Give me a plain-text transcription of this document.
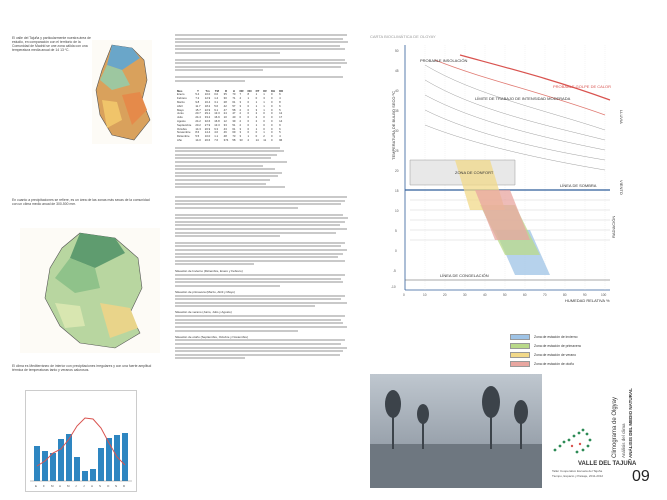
El valle del Tajuña y particularmente nuestra área de estudio, en comparación con el territorio de la Comunidad de Madrid se une zona cálida con una temperatura media anual de 14 13 ºC.
En cuanto a precipitaciones se refiere, es un área de las zonas más secas de la comunidad con un clima medio anual de 300-500 mm.
El clima es Mediterráneo de interior con precipitaciones irregulares y con una fuerte amplitud térmica de temperaturas tanto y veranos calurosos.
E F M A M J J A S O N D
Mes	T	Tm	TM	R	H	DR	DN	DT	DF	DH	DD
Enero	5.4	10.0	0.0	35	70	7	8	1	1	0	6
Febrero	7.2	12.9	1.4	30	71	4	1	0	3	0	4
Marzo	9.8	16.4	3.1	28	61	3	0	1	1	0	8
Abril	11.7	18.2	5.6	42	57	3	0	1	1	0	6
Mayo	15.7	22.9	9.1	47	58	2	0	3	1	0	5
Junio	20.7	29.1	13.3	24	47	2	0	2	0	0	12
Julio	24.4	33.2	16.9	10	40	0	0	2	0	0	17
Agosto	24.2	32.6	16.8	12	39	2	0	2	0	0	14
Septiembre	20.2	27.9	13.3	33	51	2	0	1	0	0	9
Octubre	14.3	20.9	9.3	43	61	3	0	1	0	0	6
Noviembre	8.6	14.4	4.0	46	69	3	0	0	1	0	5
Diciembre	5.5	10.0	1.1	48	73	3	1	0	2	0	4
Año	14.0	20.6	7.6	374	58	33	2	14	11	0	96
Situación de Invierno (Diciembre, Enero y Febrero)
Situación de primavera (Marzo, Abril y Mayo)
Situación de verano (Junio, Julio y Agosto)
Situación de otoño (Septiembre, Octubre y Noviembre)
CARTA BIOCLIMÁTICA DE OLGYAY
PROBABLE INSOLACIÓN
PROBABLE GOLPE DE CALOR
LÍMITE DE TRABAJO DE INTENSIDAD MODERADA
ZONA DE CONFORT
LÍNEA DE SOMBRA
LÍNEA DE CONGELACIÓN
RADIACIÓN
VIENTO
LLUVIA
HUMEDAD RELATIVA %
TEMPERATURA DE BULBO SECO ºC
0	10	20	30	40	50	60	70	80	90	100
50
45
40
35
30
25
20
15
10
5
0
-5
-10
Zona de estación de invierno
Zona de estación de primavera
Zona de estación de verano
Zona de estación de otoño
Taller Cooperativo Escuela del Tajuña
Tiempo, Espacio y Paisaje, 2011-2012
VALLE DEL TAJUÑA
Climograma de Olgyay Análisis del clima ANÁLISIS DEL MEDIO NATURAL
09
